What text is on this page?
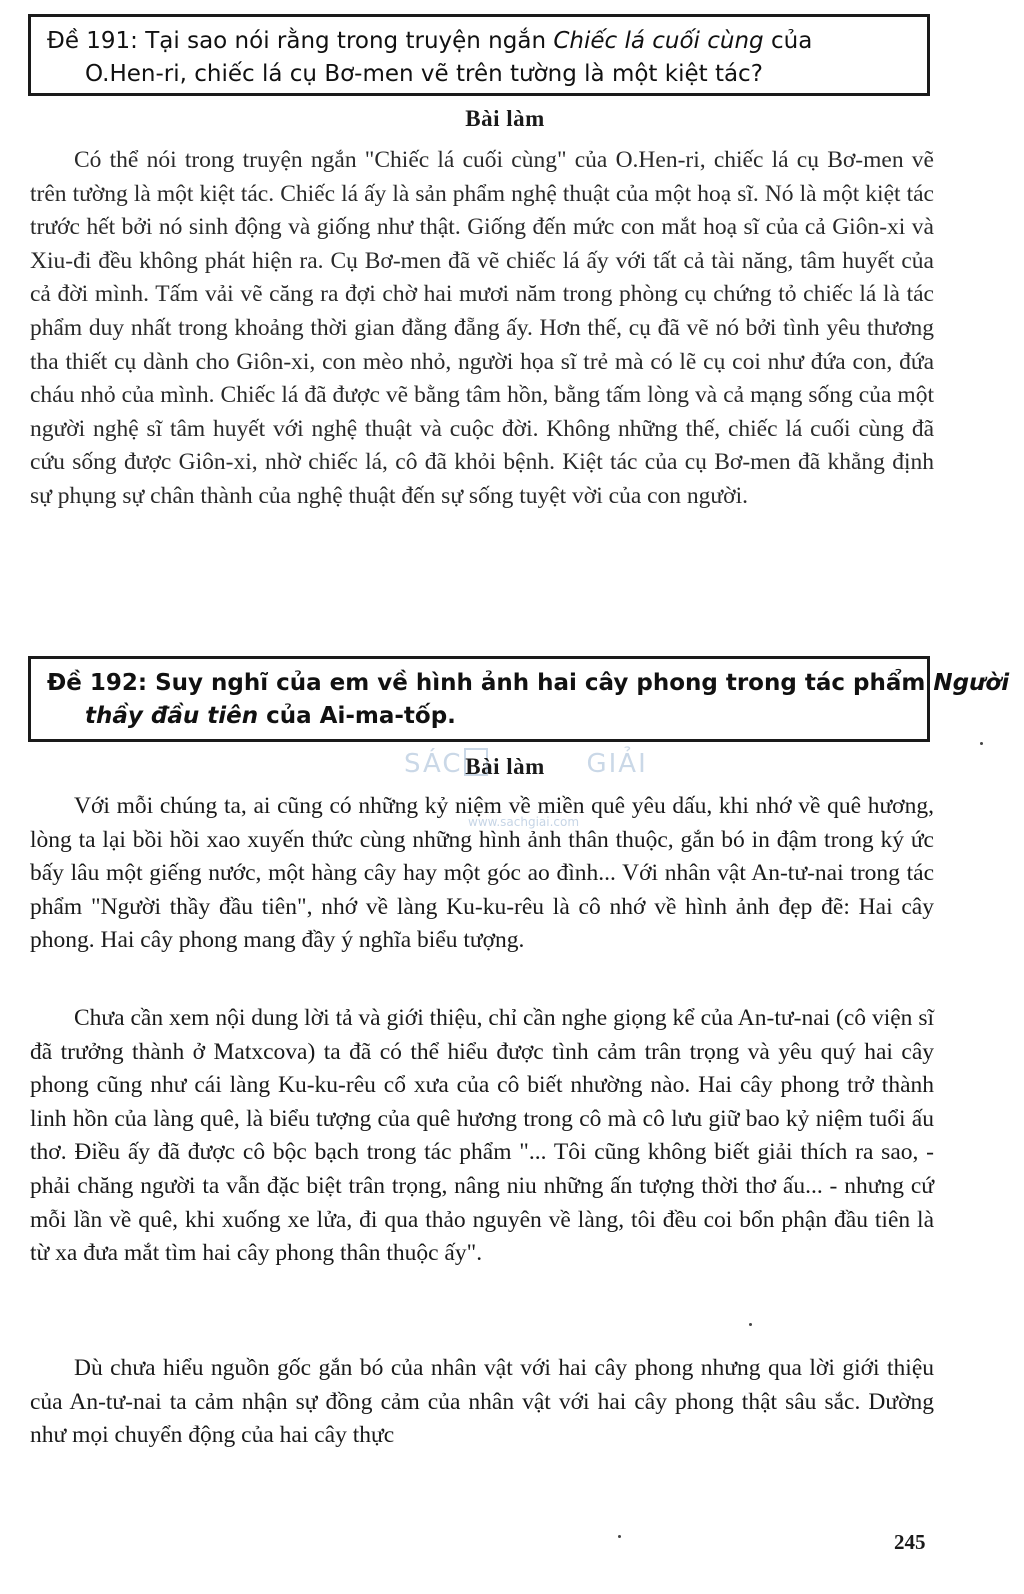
Đề 191: Tại sao nói rằng trong truyện ngắn Chiếc lá cuối cùng của
O.Hen-ri, chiếc lá cụ Bơ-men vẽ trên tường là một kiệt tác?
Bài làm

Có thể nói trong truyện ngắn "Chiếc lá cuối cùng" của O.Hen-ri, chiếc lá cụ Bơ-men vẽ trên tường là một kiệt tác. Chiếc lá ấy là sản phẩm nghệ thuật của một hoạ sĩ. Nó là một kiệt tác trước hết bởi nó sinh động và giống như thật. Giống đến mức con mắt hoạ sĩ của cả Giôn-xi và Xiu-đi đều không phát hiện ra. Cụ Bơ-men đã vẽ chiếc lá ấy với tất cả tài năng, tâm huyết của cả đời mình. Tấm vải vẽ căng ra đợi chờ hai mươi năm trong phòng cụ chứng tỏ chiếc lá là tác phẩm duy nhất trong khoảng thời gian đằng đẵng ấy. Hơn thế, cụ đã vẽ nó bởi tình yêu thương tha thiết cụ dành cho Giôn-xi, con mèo nhỏ, người họa sĩ trẻ mà có lẽ cụ coi như đứa con, đứa cháu nhỏ của mình. Chiếc lá đã được vẽ bằng tâm hồn, bằng tấm lòng và cả mạng sống của một người nghệ sĩ tâm huyết với nghệ thuật và cuộc đời. Không những thế, chiếc lá cuối cùng đã cứu sống được Giôn-xi, nhờ chiếc lá, cô đã khỏi bệnh. Kiệt tác của cụ Bơ-men đã khẳng định sự phụng sự chân thành của nghệ thuật đến sự sống tuyệt vời của con người.

Đề 192: Suy nghĩ của em về hình ảnh hai cây phong trong tác phẩm Người
thầy đầu tiên của Ai-ma-tốp.
SÁC	GIẢI
www.sachgiai.com
Bài làm

Với mỗi chúng ta, ai cũng có những kỷ niệm về miền quê yêu dấu, khi nhớ về quê hương, lòng ta lại bồi hồi xao xuyến thức cùng những hình ảnh thân thuộc, gắn bó in đậm trong ký ức bấy lâu một giếng nước, một hàng cây hay một góc ao đình... Với nhân vật An-tư-nai trong tác phẩm "Người thầy đầu tiên", nhớ về làng Ku-ku-rêu là cô nhớ về hình ảnh đẹp đẽ: Hai cây phong. Hai cây phong mang đầy ý nghĩa biểu tượng.

Chưa cần xem nội dung lời tả và giới thiệu, chỉ cần nghe giọng kể của An-tư-nai (cô viện sĩ đã trưởng thành ở Matxcova) ta đã có thể hiểu được tình cảm trân trọng và yêu quý hai cây phong cũng như cái làng Ku-ku-rêu cổ xưa của cô biết nhường nào. Hai cây phong trở thành linh hồn của làng quê, là biểu tượng của quê hương trong cô mà cô lưu giữ bao kỷ niệm tuổi ấu thơ. Điều ấy đã được cô bộc bạch trong tác phẩm "... Tôi cũng không biết giải thích ra sao, - phải chăng người ta vẫn đặc biệt trân trọng, nâng niu những ấn tượng thời thơ ấu... - nhưng cứ mỗi lần về quê, khi xuống xe lửa, đi qua thảo nguyên về làng, tôi đều coi bổn phận đầu tiên là từ xa đưa mắt tìm hai cây phong thân thuộc ấy".

Dù chưa hiểu nguồn gốc gắn bó của nhân vật với hai cây phong nhưng qua lời giới thiệu của An-tư-nai ta cảm nhận sự đồng cảm của nhân vật với hai cây phong thật sâu sắc. Dường như mọi chuyển động của hai cây thực

245
